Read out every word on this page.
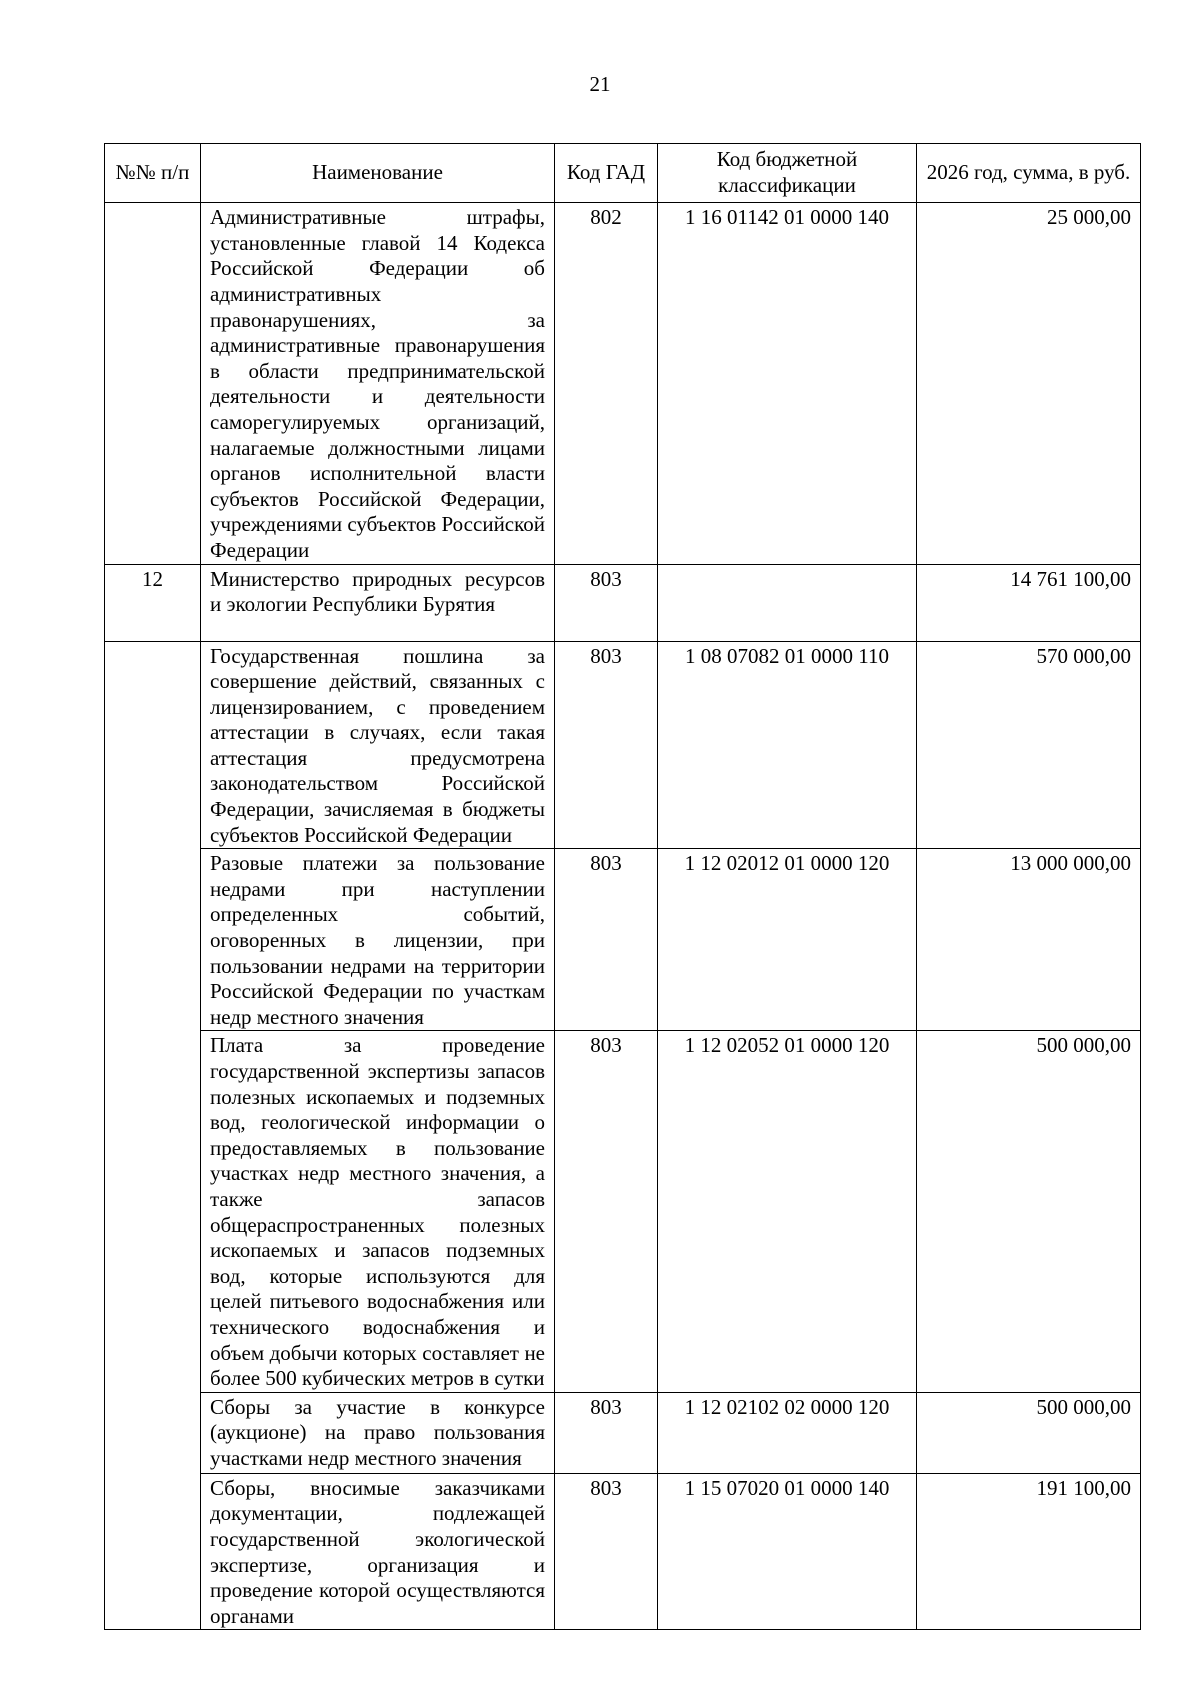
21
№№ п/п	Наименование	Код ГАД	Код бюджетной классификации	2026 год, сумма, в руб.
	Административные штрафы, установленные главой 14 Кодекса Российской Федерации об административных правонарушениях, за административные правонарушения в области предпринимательской деятельности и деятельности саморегулируемых организаций, налагаемые должностными лицами органов исполнительной власти субъектов Российской Федерации, учреждениями субъектов Российской Федерации	802	1 16 01142 01 0000 140	25 000,00
12	Министерство природных ресурсов и экологии Республики Бурятия	803		14 761 100,00
	Государственная пошлина за совершение действий, связанных с лицензированием, с проведением аттестации в случаях, если такая аттестация предусмотрена законодательством Российской Федерации, зачисляемая в бюджеты субъектов Российской Федерации	803	1 08 07082 01 0000 110	570 000,00
	Разовые платежи за пользование недрами при наступлении определенных событий, оговоренных в лицензии, при пользовании недрами на территории Российской Федерации по участкам недр местного значения	803	1 12 02012 01 0000 120	13 000 000,00
	Плата за проведение государственной экспертизы запасов полезных ископаемых и подземных вод, геологической информации о предоставляемых в пользование участках недр местного значения, а также запасов общераспространенных полезных ископаемых и запасов подземных вод, которые используются для целей питьевого водоснабжения или технического водоснабжения и объем добычи которых составляет не более 500 кубических метров в сутки	803	1 12 02052 01 0000 120	500 000,00
	Сборы за участие в конкурсе (аукционе) на право пользования участками недр местного значения	803	1 12 02102 02 0000 120	500 000,00
	Сборы, вносимые заказчиками документации, подлежащей государственной экологической экспертизе, организация и проведение которой осуществляются органами	803	1 15 07020 01 0000 140	191 100,00
